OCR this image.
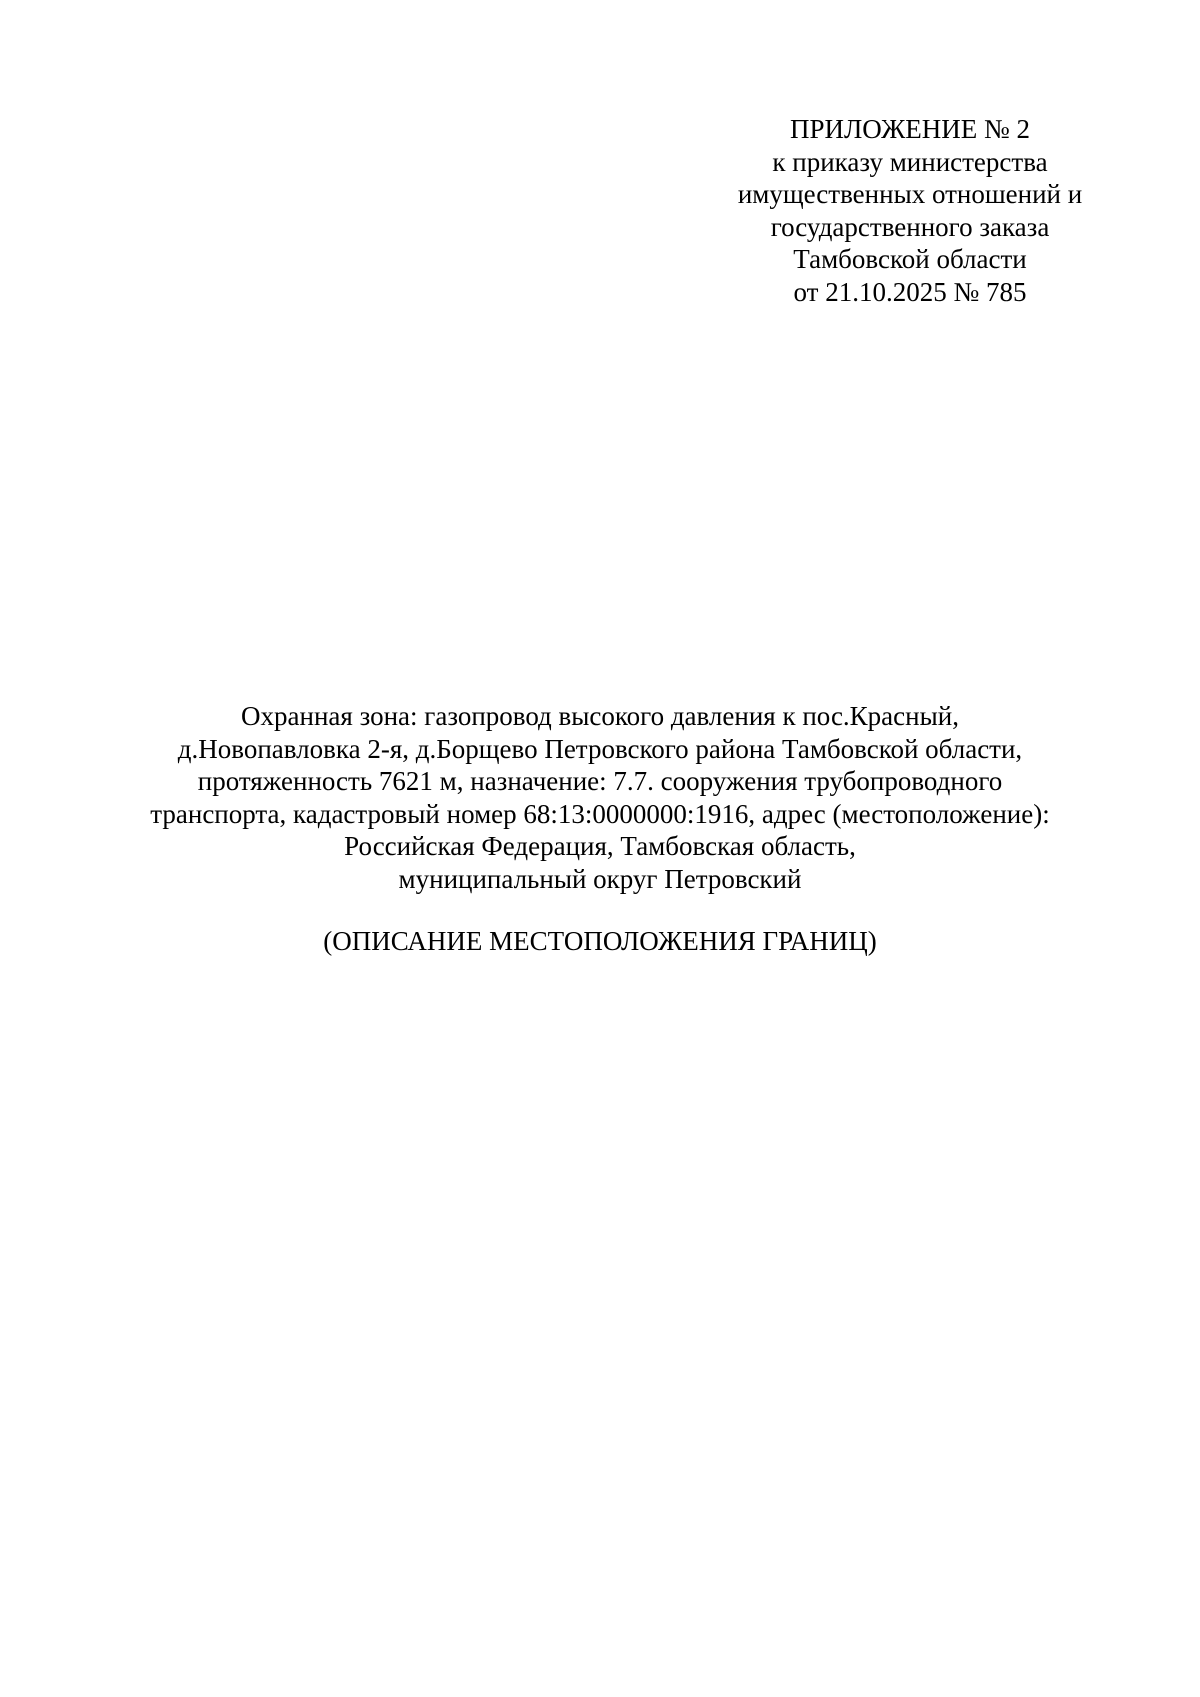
ПРИЛОЖЕНИЕ № 2
к приказу министерства
имущественных отношений и
государственного заказа
Тамбовской области
от 21.10.2025 № 785
Охранная зона: газопровод высокого давления к пос.Красный,
д.Новопавловка 2-я, д.Борщево Петровского района Тамбовской области,
протяженность 7621 м, назначение: 7.7. сооружения трубопроводного
транспорта, кадастровый номер 68:13:0000000:1916, адрес (местоположение):
Российская Федерация, Тамбовская область,
муниципальный округ Петровский
(ОПИСАНИЕ МЕСТОПОЛОЖЕНИЯ ГРАНИЦ)
